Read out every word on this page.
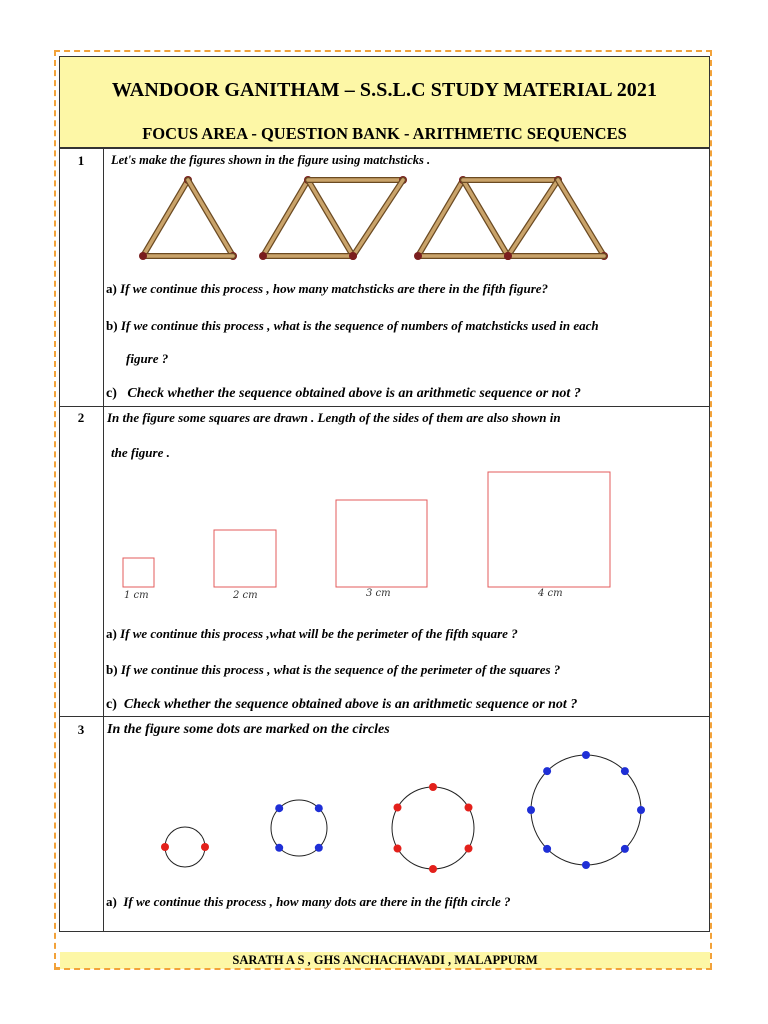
WANDOOR GANITHAM – S.S.L.C STUDY MATERIAL 2021
FOCUS AREA - QUESTION BANK - ARITHMETIC SEQUENCES
1	Let's make the figures shown in the figure using matchsticks .
a) If we continue this process , how many matchsticks are there in the fifth figure?
b) If we continue this process , what is the sequence of numbers of matchsticks used in each
figure ?
c) Check whether the sequence obtained above is an arithmetic sequence or not ?
2	In the figure some squares are drawn . Length of the sides of them are also shown in
the figure .
1 cm	2 cm	3 cm	4 cm
a) If we continue this process ,what will be the perimeter of the fifth square ?
b) If we continue this process , what is the sequence of the perimeter of the squares ?
c) Check whether the sequence obtained above is an arithmetic sequence or not ?
3	In the figure some dots are marked on the circles
a) If we continue this process , how many dots are there in the fifth circle ?
SARATH A S , GHS ANCHACHAVADI , MALAPPURM
